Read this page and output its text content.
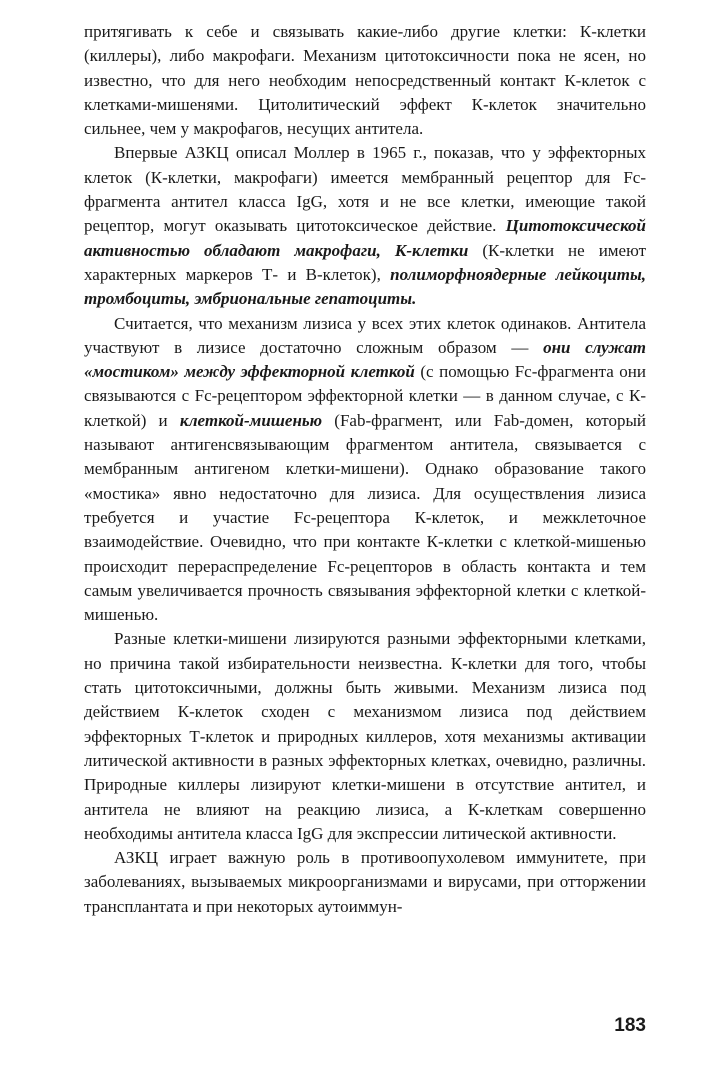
притягивать к себе и связывать какие-либо другие клетки: К-клетки (киллеры), либо макрофаги. Механизм цитотоксичности пока не ясен, но известно, что для него необходим непосредственный контакт К-клеток с клетками-мишенями. Цитолитический эффект К-клеток значительно сильнее, чем у макрофагов, несущих антитела.

Впервые АЗКЦ описал Моллер в 1965 г., показав, что у эффекторных клеток (К-клетки, макрофаги) имеется мембранный рецептор для Fc-фрагмента антител класса IgG, хотя и не все клетки, имеющие такой рецептор, могут оказывать цитотоксическое действие. Цитотоксической активностью обладают макрофаги, К-клетки (К-клетки не имеют характерных маркеров Т- и В-клеток), полиморфноядерные лейкоциты, тромбоциты, эмбриональные гепатоциты.

Считается, что механизм лизиса у всех этих клеток одинаков. Антитела участвуют в лизисе достаточно сложным образом — они служат «мостиком» между эффекторной клеткой (с помощью Fc-фрагмента они связываются с Fc-рецептором эффекторной клетки — в данном случае, с К-клеткой) и клеткой-мишенью (Fab-фрагмент, или Fab-домен, который называют антигенсвязывающим фрагментом антитела, связывается с мембранным антигеном клетки-мишени). Однако образование такого «мостика» явно недостаточно для лизиса. Для осуществления лизиса требуется и участие Fc-рецептора К-клеток, и межклеточное взаимодействие. Очевидно, что при контакте К-клетки с клеткой-мишенью происходит перераспределение Fc-рецепторов в область контакта и тем самым увеличивается прочность связывания эффекторной клетки с клеткой-мишенью.

Разные клетки-мишени лизируются разными эффекторными клетками, но причина такой избирательности неизвестна. К-клетки для того, чтобы стать цитотоксичными, должны быть живыми. Механизм лизиса под действием К-клеток сходен с механизмом лизиса под действием эффекторных Т-клеток и природных киллеров, хотя механизмы активации литической активности в разных эффекторных клетках, очевидно, различны. Природные киллеры лизируют клетки-мишени в отсутствие антител, и антитела не влияют на реакцию лизиса, а К-клеткам совершенно необходимы антитела класса IgG для экспрессии литической активности.

АЗКЦ играет важную роль в противоопухолевом иммунитете, при заболеваниях, вызываемых микроорганизмами и вирусами, при отторжении трансплантата и при некоторых аутоиммун-

183
